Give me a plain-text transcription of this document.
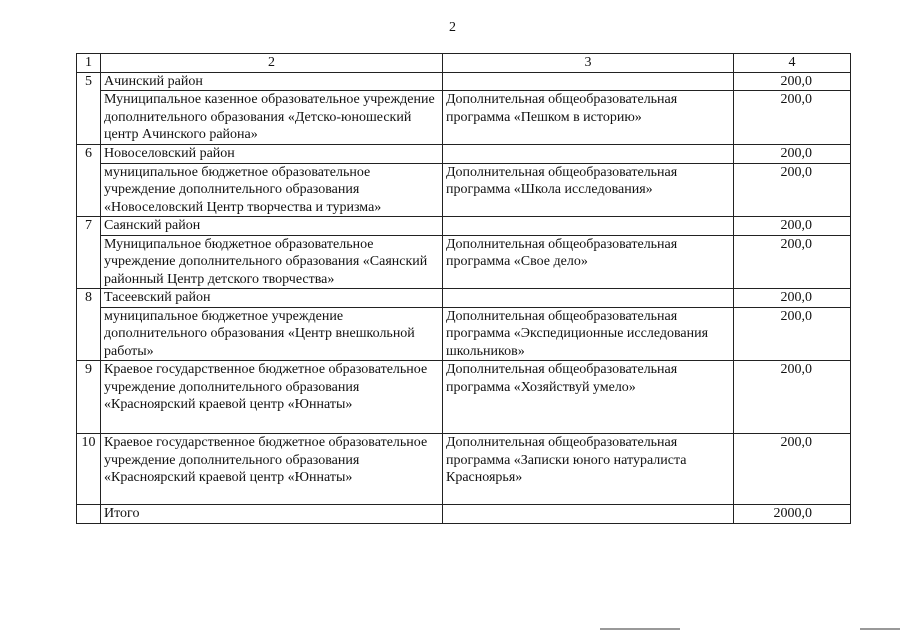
2
1	2	3	4
5	Ачинский район		200,0
	Муниципальное казенное образовательное учреждение дополнительного образования «Детско-юношеский центр Ачинского района»	Дополнительная общеобразовательная программа «Пешком в историю»	200,0
6	Новоселовский район		200,0
	муниципальное бюджетное образовательное учреждение дополнительного образования «Новоселовский Центр творчества и туризма»	Дополнительная общеобразовательная программа «Школа исследования»	200,0
7	Саянский район		200,0
	Муниципальное бюджетное образовательное учреждение дополнительного образования «Саянский районный Центр детского творчества»	Дополнительная общеобразовательная программа «Свое дело»	200,0
8	Тасеевский район		200,0
	муниципальное бюджетное учреждение дополнительного образования «Центр внешкольной работы»	Дополнительная общеобразовательная программа «Экспедиционные исследования школьников»	200,0
9	Краевое государственное бюджетное образовательное учреждение дополнительного образования «Красноярский краевой центр «Юннаты»	Дополнительная общеобразовательная программа «Хозяйствуй умело»	200,0
10	Краевое государственное бюджетное образовательное учреждение дополнительного образования «Красноярский краевой центр «Юннаты»	Дополнительная общеобразовательная программа «Записки юного натуралиста Красноярья»	200,0
	Итого		2000,0
